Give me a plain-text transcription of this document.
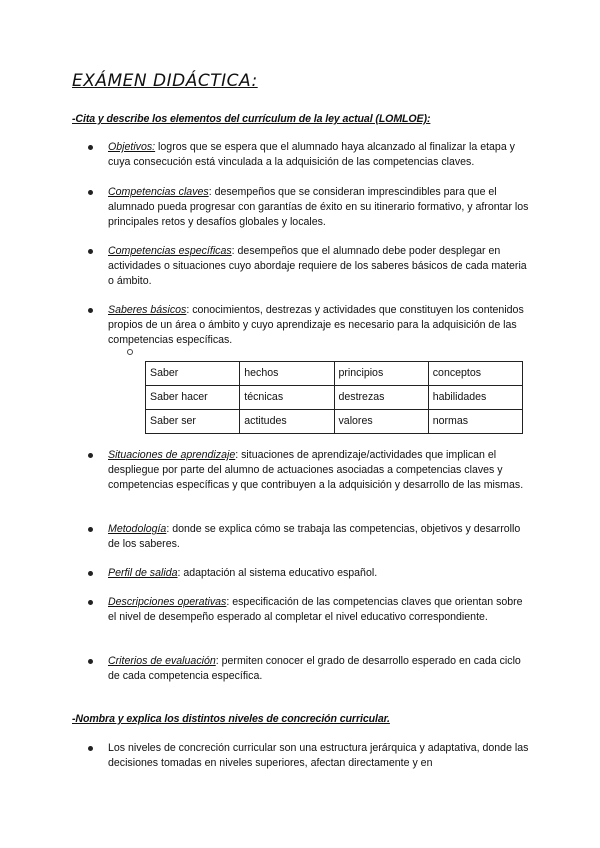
EXÁMEN DIDÁCTICA:

-Cita y describe los elementos del currículum de la ley actual (LOMLOE):

Objetivos: logros que se espera que el alumnado haya alcanzado al finalizar la etapa y cuya consecución está vinculada a la adquisición de las competencias claves.
Competencias claves: desempeños que se consideran imprescindibles para que el alumnado pueda progresar con garantías de éxito en su itinerario formativo, y afrontar los principales retos y desafíos globales y locales.
Competencias específicas: desempeños que el alumnado debe poder desplegar en actividades o situaciones cuyo abordaje requiere de los saberes básicos de cada materia o ámbito.
Saberes básicos: conocimientos, destrezas y actividades que constituyen los contenidos propios de un área o ámbito y cuyo aprendizaje es necesario para la adquisición de las competencias específicas.
Saber	hechos	principios	conceptos
Saber hacer	técnicas	destrezas	habilidades
Saber ser	actitudes	valores	normas
Situaciones de aprendizaje: situaciones de aprendizaje/actividades que implican el despliegue por parte del alumno de actuaciones asociadas a competencias claves y competencias específicas y que contribuyen a la adquisición y desarrollo de las mismas.
Metodología: donde se explica cómo se trabaja las competencias, objetivos y desarrollo de los saberes.
Perfil de salida: adaptación al sistema educativo español.
Descripciones operativas: especificación de las competencias claves que orientan sobre el nivel de desempeño esperado al completar el nivel educativo correspondiente.
Criterios de evaluación: permiten conocer el grado de desarrollo esperado en cada ciclo de cada competencia específica.

-Nombra y explica los distintos niveles de concreción curricular.

Los niveles de concreción curricular son una estructura jerárquica y adaptativa, donde las decisiones tomadas en niveles superiores, afectan directamente y en
